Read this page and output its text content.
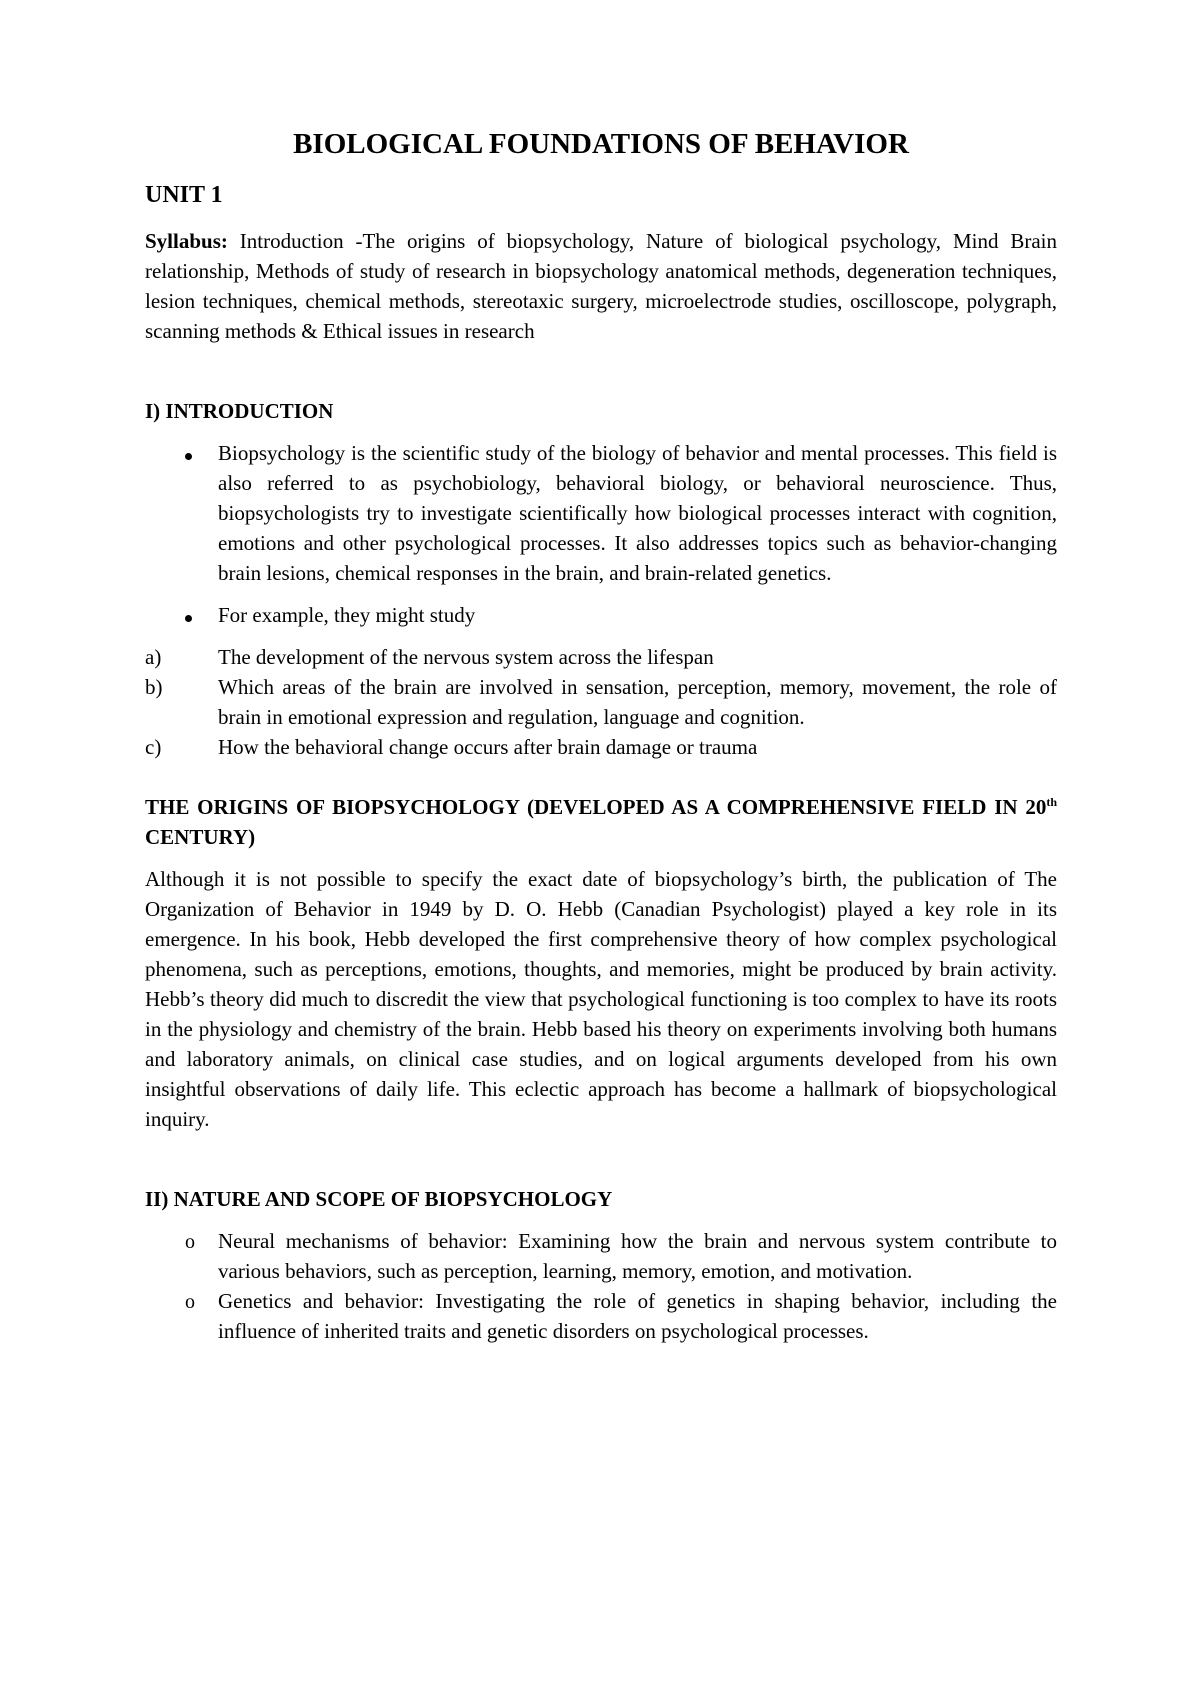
BIOLOGICAL FOUNDATIONS OF BEHAVIOR
UNIT 1

Syllabus: Introduction -The origins of biopsychology, Nature of biological psychology, Mind Brain relationship, Methods of study of research in biopsychology anatomical methods, degeneration techniques, lesion techniques, chemical methods, stereotaxic surgery, microelectrode studies, oscilloscope, polygraph, scanning methods & Ethical issues in research

I) INTRODUCTION

Biopsychology is the scientific study of the biology of behavior and mental processes. This field is also referred to as psychobiology, behavioral biology, or behavioral neuroscience. Thus, biopsychologists try to investigate scientifically how biological processes interact with cognition, emotions and other psychological processes. It also addresses topics such as behavior-changing brain lesions, chemical responses in the brain, and brain-related genetics.
For example, they might study
a)	The development of the nervous system across the lifespan
b)	Which areas of the brain are involved in sensation, perception, memory, movement, the role of brain in emotional expression and regulation, language and cognition.
c)	How the behavioral change occurs after brain damage or trauma

THE ORIGINS OF BIOPSYCHOLOGY (DEVELOPED AS A COMPREHENSIVE FIELD IN 20th CENTURY)

Although it is not possible to specify the exact date of biopsychology’s birth, the publication of The Organization of Behavior in 1949 by D. O. Hebb (Canadian Psychologist) played a key role in its emergence. In his book, Hebb developed the first comprehensive theory of how complex psychological phenomena, such as perceptions, emotions, thoughts, and memories, might be produced by brain activity. Hebb’s theory did much to discredit the view that psychological functioning is too complex to have its roots in the physiology and chemistry of the brain. Hebb based his theory on experiments involving both humans and laboratory animals, on clinical case studies, and on logical arguments developed from his own insightful observations of daily life. This eclectic approach has become a hallmark of biopsychological inquiry.

II) NATURE AND SCOPE OF BIOPSYCHOLOGY

o	Neural mechanisms of behavior: Examining how the brain and nervous system contribute to various behaviors, such as perception, learning, memory, emotion, and motivation.
o	Genetics and behavior: Investigating the role of genetics in shaping behavior, including the influence of inherited traits and genetic disorders on psychological processes.
